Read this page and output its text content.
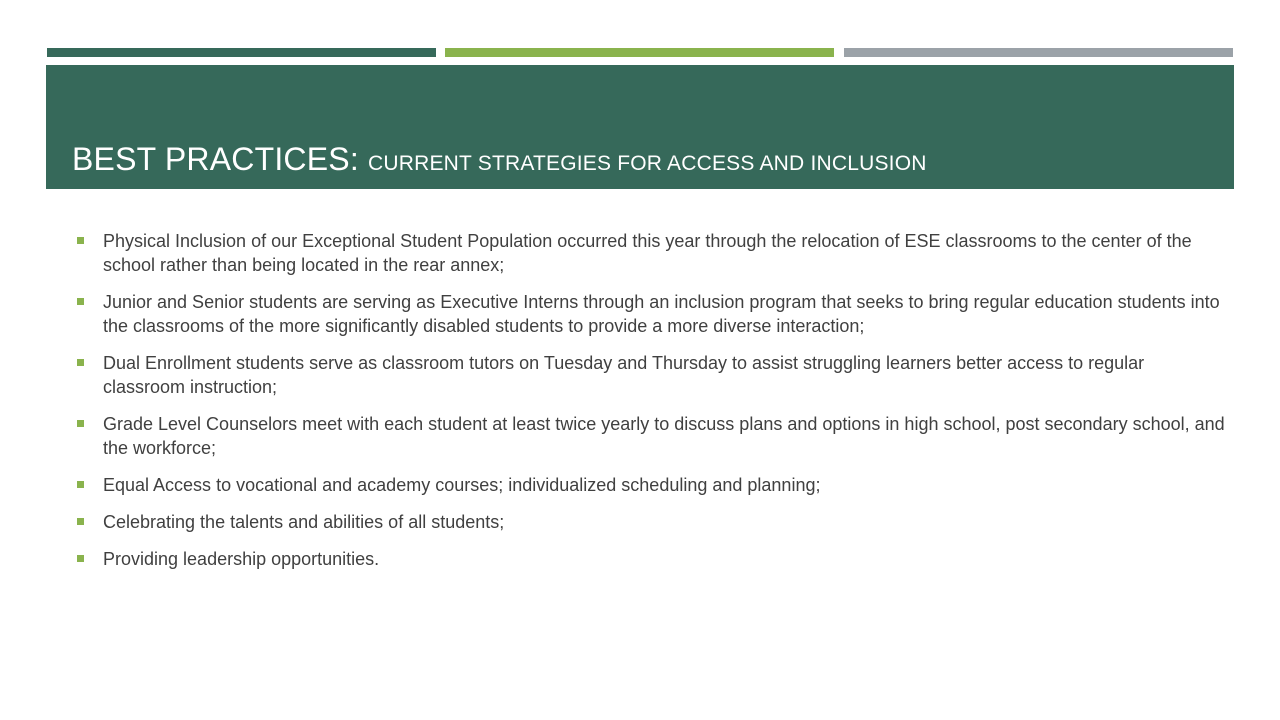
BEST PRACTICES: CURRENT STRATEGIES FOR ACCESS AND INCLUSION
Physical Inclusion of our Exceptional Student Population occurred this year through the relocation of ESE classrooms to the center of the school rather than being located in the rear annex;
Junior and Senior students are serving as Executive Interns through an inclusion program that seeks to bring regular education students into the classrooms of the more significantly disabled students to provide a more diverse interaction;
Dual Enrollment students serve as classroom tutors on Tuesday and Thursday to assist struggling learners better access to regular classroom instruction;
Grade Level Counselors meet with each student at least twice yearly to discuss plans and options in high school, post secondary school, and the workforce;
Equal Access to vocational and academy courses; individualized scheduling and planning;
Celebrating the talents and abilities of all students;
Providing leadership opportunities.
